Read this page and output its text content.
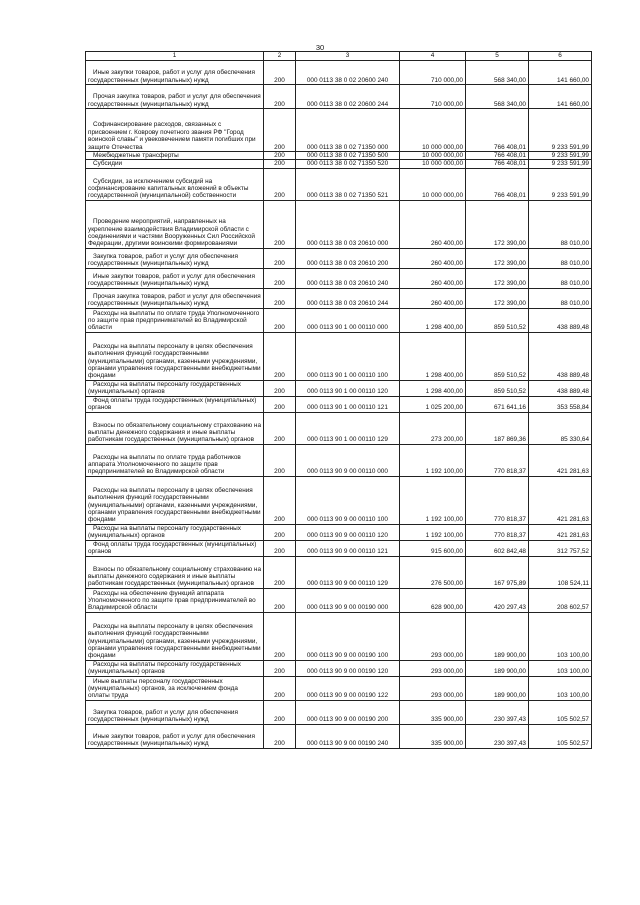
30
1	2	3	4	5	6

Иные закупки товаров, работ и услуг для обеспечения государственных (муниципальных) нужд	200	000 0113 38 0 02 20600 240	710 000,00	568 340,00	141 660,00

Прочая закупка товаров, работ и услуг для обеспечения государственных (муниципальных) нужд	200	000 0113 38 0 02 20600 244	710 000,00	568 340,00	141 660,00

Софинансирование расходов, связанных с присвоением г. Коврову почетного звания РФ "Город воинской славы" и увековечением памяти погибших при защите Отечества	200	000 0113 38 0 02 71350 000	10 000 000,00	766 408,01	9 233 591,99

Межбюджетные трансферты	200	000 0113 38 0 02 71350 500	10 000 000,00	766 408,01	9 233 591,99

Субсидии	200	000 0113 38 0 02 71350 520	10 000 000,00	766 408,01	9 233 591,99

Субсидии, за исключением субсидий на софинансирование капитальных вложений в объекты государственной (муниципальной) собственности	200	000 0113 38 0 02 71350 521	10 000 000,00	766 408,01	9 233 591,99

Проведение мероприятий, направленных на укрепление взаимодействия Владимирской области с соединениями и частями Вооруженных Сил Российской Федерации, другими воинскими формированиями	200	000 0113 38 0 03 20610 000	260 400,00	172 390,00	88 010,00

Закупка товаров, работ и услуг для обеспечения государственных (муниципальных) нужд	200	000 0113 38 0 03 20610 200	260 400,00	172 390,00	88 010,00

Иные закупки товаров, работ и услуг для обеспечения государственных (муниципальных) нужд	200	000 0113 38 0 03 20610 240	260 400,00	172 390,00	88 010,00

Прочая закупка товаров, работ и услуг для обеспечения государственных (муниципальных) нужд	200	000 0113 38 0 03 20610 244	260 400,00	172 390,00	88 010,00

Расходы на выплаты по оплате труда Уполномоченного по защите прав предпринимателей во Владимирской области	200	000 0113 90 1 00 00110 000	1 298 400,00	859 510,52	438 889,48

Расходы на выплаты персоналу в целях обеспечения выполнения функций государственными (муниципальными) органами, казенными учреждениями, органами управления государственными внебюджетными фондами	200	000 0113 90 1 00 00110 100	1 298 400,00	859 510,52	438 889,48

Расходы на выплаты персоналу государственных (муниципальных) органов	200	000 0113 90 1 00 00110 120	1 298 400,00	859 510,52	438 889,48

Фонд оплаты труда государственных (муниципальных) органов	200	000 0113 90 1 00 00110 121	1 025 200,00	671 641,16	353 558,84

Взносы по обязательному социальному страхованию на выплаты денежного содержания и иные выплаты работникам государственных (муниципальных) органов	200	000 0113 90 1 00 00110 129	273 200,00	187 869,36	85 330,64

Расходы на выплаты по оплате труда работников аппарата Уполномоченного по защите прав предпринимателей во Владимирской области	200	000 0113 90 9 00 00110 000	1 192 100,00	770 818,37	421 281,63

Расходы на выплаты персоналу в целях обеспечения выполнения функций государственными (муниципальными) органами, казенными учреждениями, органами управления государственными внебюджетными фондами	200	000 0113 90 9 00 00110 100	1 192 100,00	770 818,37	421 281,63

Расходы на выплаты персоналу государственных (муниципальных) органов	200	000 0113 90 9 00 00110 120	1 192 100,00	770 818,37	421 281,63

Фонд оплаты труда государственных (муниципальных) органов	200	000 0113 90 9 00 00110 121	915 600,00	602 842,48	312 757,52

Взносы по обязательному социальному страхованию на выплаты денежного содержания и иные выплаты работникам государственных (муниципальных) органов	200	000 0113 90 9 00 00110 129	276 500,00	167 975,89	108 524,11

Расходы на обеспечение функций аппарата Уполномоченного по защите прав предпринимателей во Владимирской области	200	000 0113 90 9 00 00190 000	628 900,00	420 297,43	208 602,57

Расходы на выплаты персоналу в целях обеспечения выполнения функций государственными (муниципальными) органами, казенными учреждениями, органами управления государственными внебюджетными фондами	200	000 0113 90 9 00 00190 100	293 000,00	189 900,00	103 100,00

Расходы на выплаты персоналу государственных (муниципальных) органов	200	000 0113 90 9 00 00190 120	293 000,00	189 900,00	103 100,00

Иные выплаты персоналу государственных (муниципальных) органов, за исключением фонда оплаты труда	200	000 0113 90 9 00 00190 122	293 000,00	189 900,00	103 100,00

Закупка товаров, работ и услуг для обеспечения государственных (муниципальных) нужд	200	000 0113 90 9 00 00190 200	335 900,00	230 397,43	105 502,57

Иные закупки товаров, работ и услуг для обеспечения государственных (муниципальных) нужд	200	000 0113 90 9 00 00190 240	335 900,00	230 397,43	105 502,57
